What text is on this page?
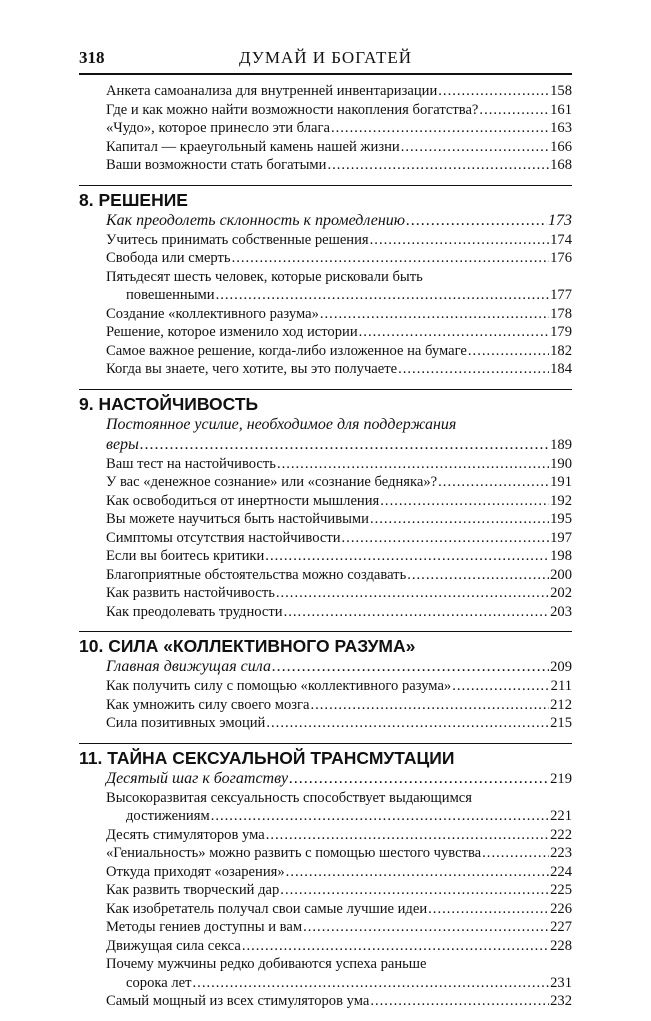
318	ДУМАЙ И БОГАТЕЙ
Анкета самоанализа для внутренней инвентаризации .....	158
Где и как можно найти возможности накопления богатства? .....	161
«Чудо», которое принесло эти блага .....	163
Капитал — краеугольный камень нашей жизни .....	166
Ваши возможности стать богатыми .....	168
8. РЕШЕНИЕ
Как преодолеть склонность к промедлению .....	173
Учитесь принимать собственные решения .....	174
Свобода или смерть .....	176
Пятьдесят шесть человек, которые рисковали быть
повешенными .....	177
Создание «коллективного разума» .....	178
Решение, которое изменило ход истории .....	179
Самое важное решение, когда-либо изложенное на бумаге .....	182
Когда вы знаете, чего хотите, вы это получаете .....	184
9. НАСТОЙЧИВОСТЬ
Постоянное усилие, необходимое для поддержания
веры .....	189
Ваш тест на настойчивость .....	190
У вас «денежное сознание» или «сознание бедняка»? .....	191
Как освободиться от инертности мышления .....	192
Вы можете научиться быть настойчивыми .....	195
Симптомы отсутствия настойчивости .....	197
Если вы боитесь критики .....	198
Благоприятные обстоятельства можно создавать .....	200
Как развить настойчивость .....	202
Как преодолевать трудности .....	203
10. СИЛА «КОЛЛЕКТИВНОГО РАЗУМА»
Главная движущая сила .....	209
Как получить силу с помощью «коллективного разума» .....	211
Как умножить силу своего мозга .....	212
Сила позитивных эмоций .....	215
11. ТАЙНА СЕКСУАЛЬНОЙ ТРАНСМУТАЦИИ
Десятый шаг к богатству .....	219
Высокоразвитая сексуальность способствует выдающимся
достижениям .....	221
Десять стимуляторов ума .....	222
«Гениальность» можно развить с помощью шестого чувства .....	223
Откуда приходят «озарения» .....	224
Как развить творческий дар .....	225
Как изобретатель получал свои самые лучшие идеи .....	226
Методы гениев доступны и вам .....	227
Движущая сила секса .....	228
Почему мужчины редко добиваются успеха раньше
сорока лет .....	231
Самый мощный из всех стимуляторов ума .....	232
